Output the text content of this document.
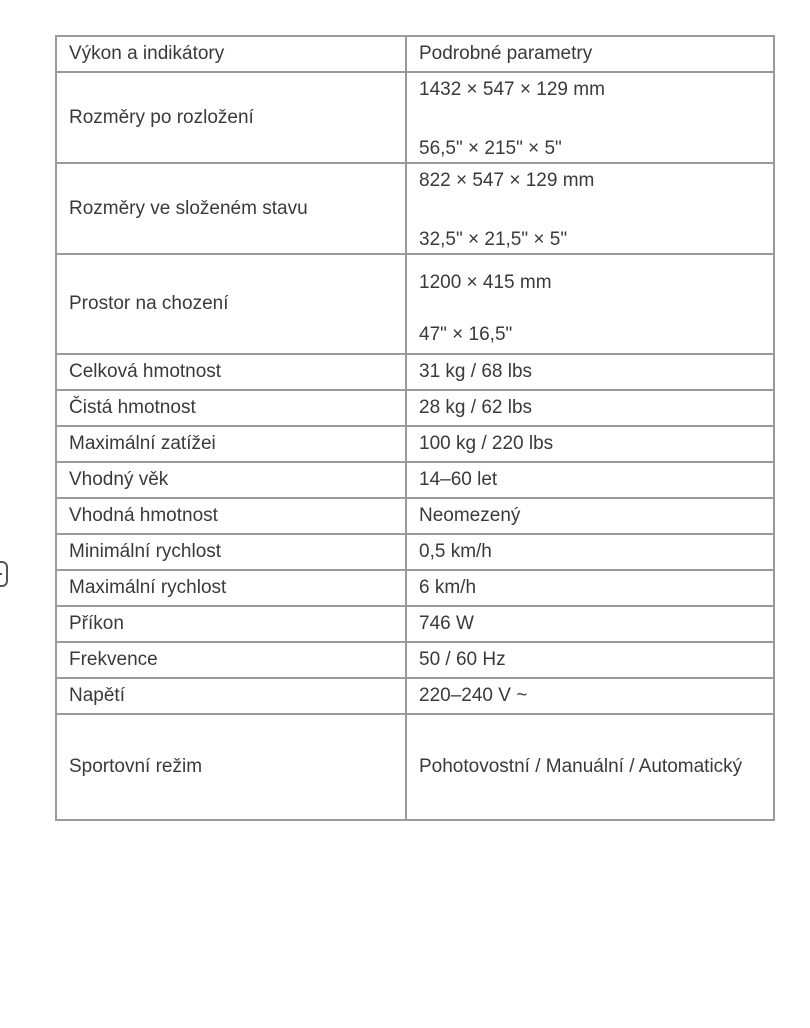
Výkon a indikátory	Podrobné parametry
Rozměry po rozložení	1432 × 547 × 129 mm
56,5" × 215" × 5"

Rozměry ve složeném stavu	822 × 547 × 129 mm
32,5" × 21,5" × 5"

Prostor na chození	1200 × 415 mm
47" × 16,5"

Celková hmotnost	31 kg / 68 lbs
Čistá hmotnost	28 kg / 62 lbs
Maximální zatížei	100 kg / 220 lbs
Vhodný věk	14–60 let
Vhodná hmotnost	Neomezený
Minimální rychlost	0,5 km/h
Maximální rychlost	6 km/h
Příkon	746 W
Frekvence	50 / 60 Hz
Napětí	220–240 V ~
Sportovní režim	Pohotovostní / Manuální / Automatický
